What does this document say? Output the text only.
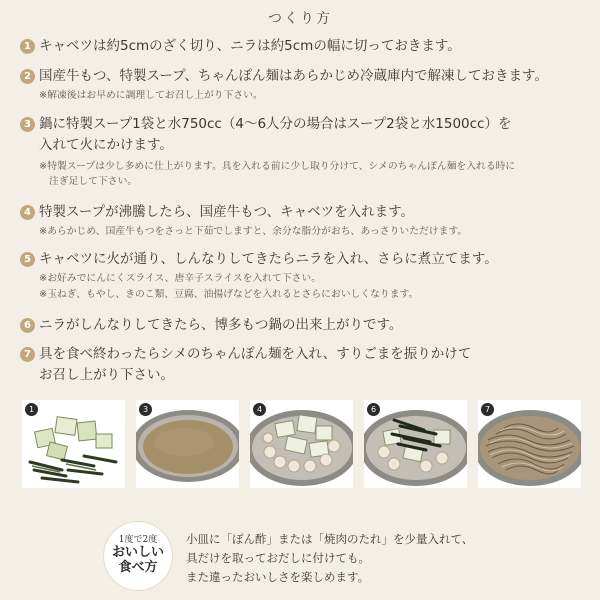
つくり方
1 キャベツは約5cmのざく切り、ニラは約5cmの幅に切っておきます。
2 国産牛もつ、特製スープ、ちゃんぽん麺はあらかじめ冷蔵庫内で解凍しておきます。
※解凍後はお早めに調理してお召し上がり下さい。
3 鍋に特製スープ1袋と水750cc（4～6人分の場合はスープ2袋と水1500cc）を
入れて火にかけます。
※特製スープは少し多めに仕上がります。具を入れる前に少し取り分けて、シメのちゃんぽん麺を入れる時に
注ぎ足して下さい。
4 特製スープが沸騰したら、国産牛もつ、キャベツを入れます。
※あらかじめ、国産牛もつをさっと下茹でしますと、余分な脂分がおち、あっさりいただけます。
5 キャベツに火が通り、しんなりしてきたらニラを入れ、さらに煮立てます。
※お好みでにんにくスライス、唐辛子スライスを入れて下さい。
※玉ねぎ、もやし、きのこ類、豆腐、油揚げなどを入れるとさらにおいしくなります。
6 ニラがしんなりしてきたら、博多もつ鍋の出来上がりです。
7 具を食べ終わったらシメのちゃんぽん麺を入れ、すりごまを振りかけて
お召し上がり下さい。
1	3	4	6	7
1度で2度
おいしい
食べ方
小皿に「ぽん酢」または「焼肉のたれ」を少量入れて、
具だけを取っておだしに付けても。
また違ったおいしさを楽しめます。
